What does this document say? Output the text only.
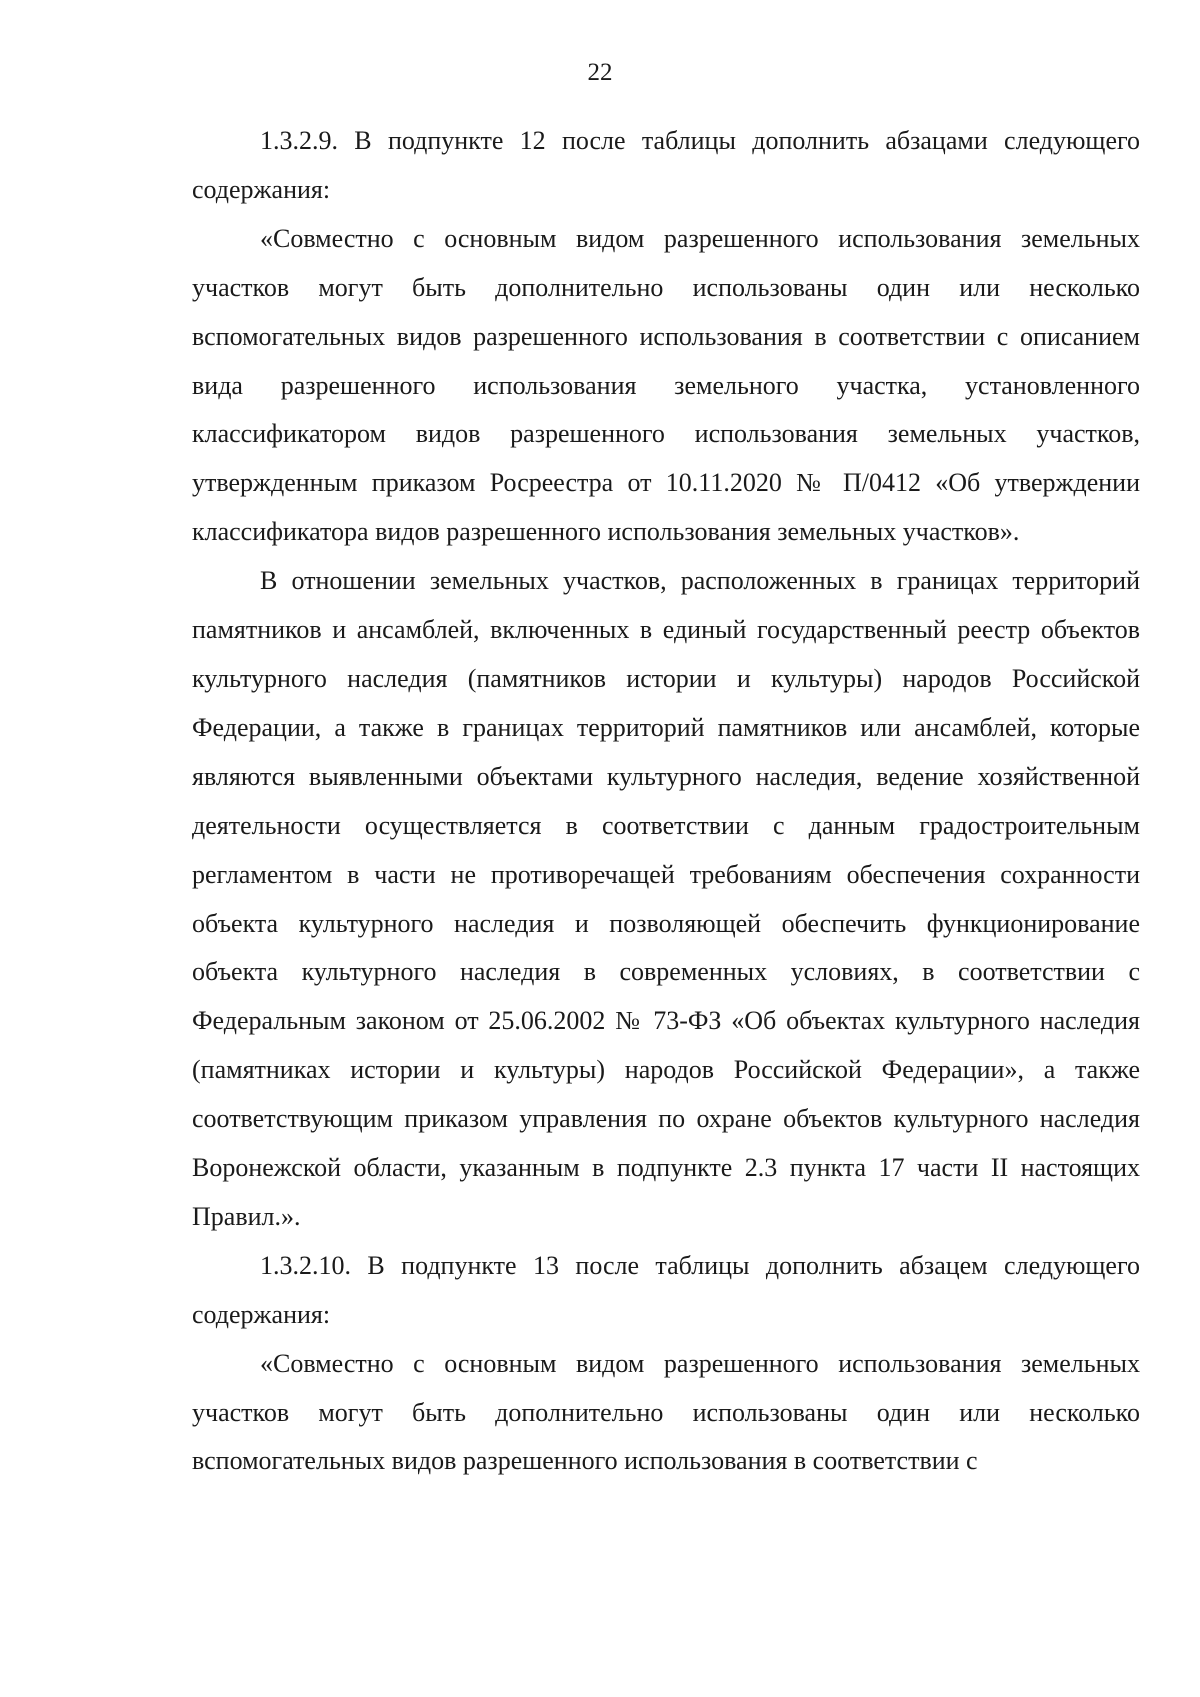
22

1.3.2.9. В подпункте 12 после таблицы дополнить абзацами следующего содержания:

«Совместно с основным видом разрешенного использования земельных участков могут быть дополнительно использованы один или несколько вспомогательных видов разрешенного использования в соответствии с описанием вида разрешенного использования земельного участка, установленного классификатором видов разрешенного использования земельных участков, утвержденным приказом Росреестра от 10.11.2020 № П/0412 «Об утверждении классификатора видов разрешенного использования земельных участков».

В отношении земельных участков, расположенных в границах территорий памятников и ансамблей, включенных в единый государственный реестр объектов культурного наследия (памятников истории и культуры) народов Российской Федерации, а также в границах территорий памятников или ансамблей, которые являются выявленными объектами культурного наследия, ведение хозяйственной деятельности осуществляется в соответствии с данным градостроительным регламентом в части не противоречащей требованиям обеспечения сохранности объекта культурного наследия и позволяющей обеспечить функционирование объекта культурного наследия в современных условиях, в соответствии с Федеральным законом от 25.06.2002 № 73-ФЗ «Об объектах культурного наследия (памятниках истории и культуры) народов Российской Федерации», а также соответствующим приказом управления по охране объектов культурного наследия Воронежской области, указанным в подпункте 2.3 пункта 17 части II настоящих Правил.».

1.3.2.10. В подпункте 13 после таблицы дополнить абзацем следующего содержания:

«Совместно с основным видом разрешенного использования земельных участков могут быть дополнительно использованы один или несколько вспомогательных видов разрешенного использования в соответствии с
